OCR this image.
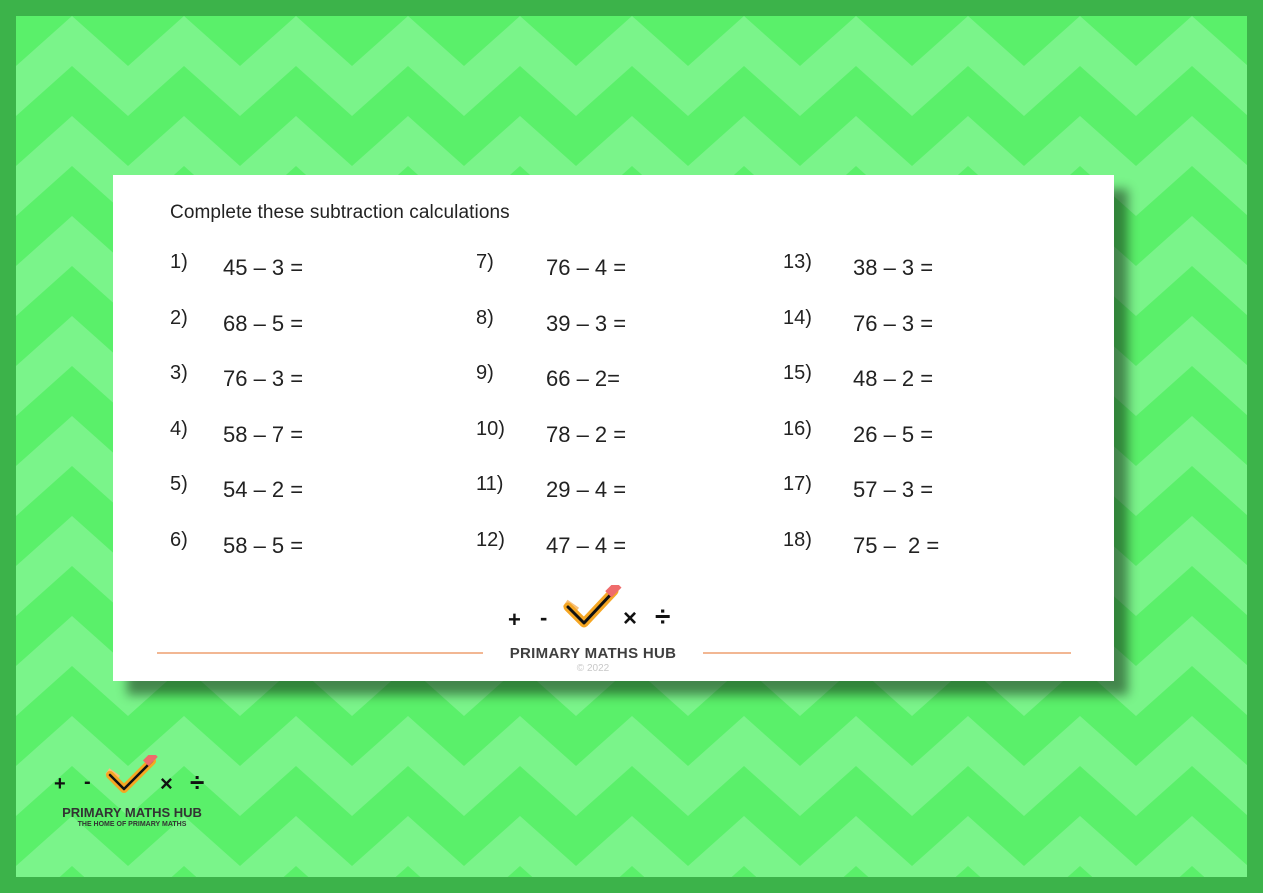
Complete these subtraction calculations
1) 45 – 3 =
2) 68 – 5 =
3) 76 – 3 =
4) 58 – 7 =
5) 54 – 2 =
6) 58 – 5 =
7) 76 – 4 =
8) 39 – 3 =
9) 66 – 2=
10) 78 – 2 =
11) 29 – 4 =
12) 47 – 4 =
13) 38 – 3 =
14) 76 – 3 =
15) 48 – 2 =
16) 26 – 5 =
17) 57 – 3 =
18) 75 –  2 =
+ -	× ÷
PRIMARY MATHS HUB
© 2022
+ -	× ÷
PRIMARY MATHS HUB
THE HOME OF PRIMARY MATHS
